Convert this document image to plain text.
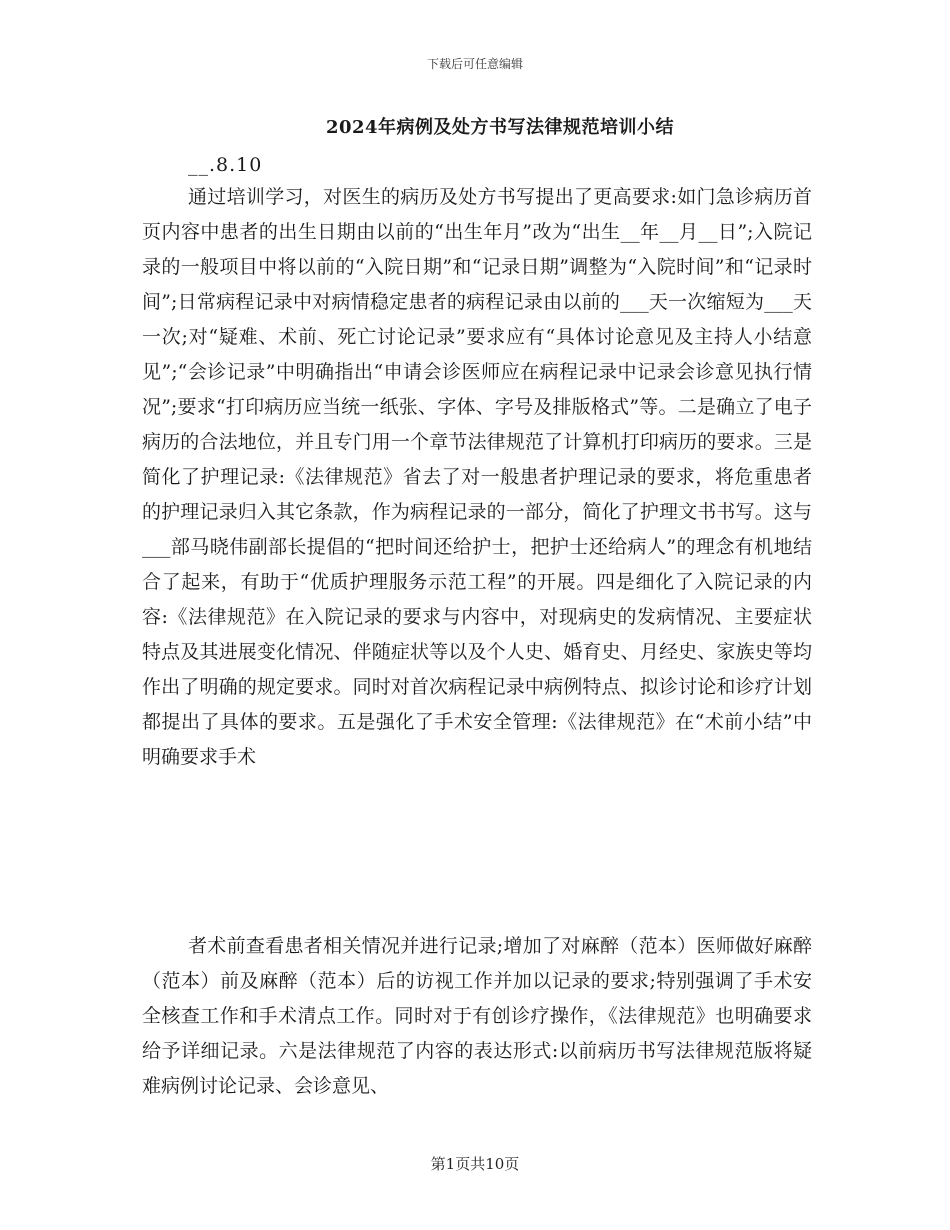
下载后可任意编辑
2024年病例及处方书写法律规范培训小结
__.8.10

通过培训学习，对医生的病历及处方书写提出了更高要求:如门急诊病历首页内容中患者的出生日期由以前的“出生年月”改为“出生__年__月__日”;入院记录的一般项目中将以前的“入院日期”和“记录日期”调整为“入院时间”和“记录时间”;日常病程记录中对病情稳定患者的病程记录由以前的___天一次缩短为___天一次;对“疑难、术前、死亡讨论记录”要求应有“具体讨论意见及主持人小结意见”;“会诊记录”中明确指出“申请会诊医师应在病程记录中记录会诊意见执行情况”;要求“打印病历应当统一纸张、字体、字号及排版格式”等。二是确立了电子病历的合法地位，并且专门用一个章节法律规范了计算机打印病历的要求。三是简化了护理记录:《法律规范》省去了对一般患者护理记录的要求，将危重患者的护理记录归入其它条款，作为病程记录的一部分，简化了护理文书书写。这与___部马晓伟副部长提倡的“把时间还给护士，把护士还给病人”的理念有机地结合了起来，有助于“优质护理服务示范工程”的开展。四是细化了入院记录的内容:《法律规范》在入院记录的要求与内容中，对现病史的发病情况、主要症状特点及其进展变化情况、伴随症状等以及个人史、婚育史、月经史、家族史等均作出了明确的规定要求。同时对首次病程记录中病例特点、拟诊讨论和诊疗计划都提出了具体的要求。五是强化了手术安全管理:《法律规范》在“术前小结”中明确要求手术

者术前查看患者相关情况并进行记录;增加了对麻醉（范本）医师做好麻醉（范本）前及麻醉（范本）后的访视工作并加以记录的要求;特别强调了手术安全核查工作和手术清点工作。同时对于有创诊疗操作，《法律规范》也明确要求给予详细记录。六是法律规范了内容的表达形式:以前病历书写法律规范版将疑难病例讨论记录、会诊意见、

第1页共10页
